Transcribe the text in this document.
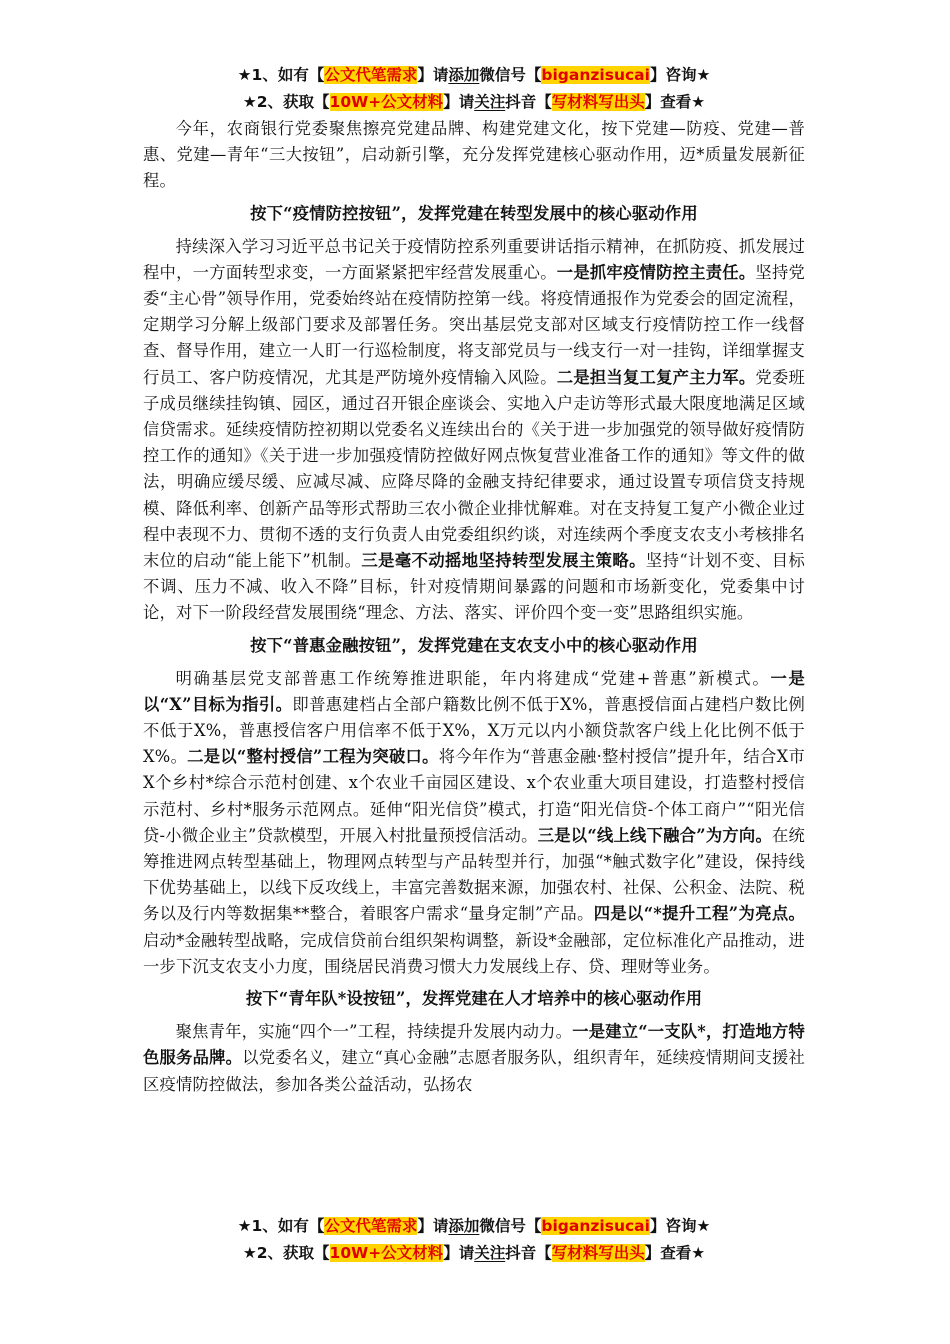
★1、如有【公文代笔需求】请添加微信号【biganzisucai】咨询★
★2、获取【10W+公文材料】请关注抖音【写材料写出头】查看★

今年，农商银行党委聚焦擦亮党建品牌、构建党建文化，按下党建—防疫、党建—普惠、党建—青年“三大按钮”，启动新引擎，充分发挥党建核心驱动作用，迈*质量发展新征程。

按下“疫情防控按钮”，发挥党建在转型发展中的核心驱动作用

持续深入学习习近平总书记关于疫情防控系列重要讲话指示精神，在抓防疫、抓发展过程中，一方面转型求变，一方面紧紧把牢经营发展重心。一是抓牢疫情防控主责任。坚持党委“主心骨”领导作用，党委始终站在疫情防控第一线。将疫情通报作为党委会的固定流程，定期学习分解上级部门要求及部署任务。突出基层党支部对区域支行疫情防控工作一线督查、督导作用，建立一人盯一行巡检制度，将支部党员与一线支行一对一挂钩，详细掌握支行员工、客户防疫情况，尤其是严防境外疫情输入风险。二是担当复工复产主力军。党委班子成员继续挂钩镇、园区，通过召开银企座谈会、实地入户走访等形式最大限度地满足区域信贷需求。延续疫情防控初期以党委名义连续出台的《关于进一步加强党的领导做好疫情防控工作的通知》《关于进一步加强疫情防控做好网点恢复营业准备工作的通知》等文件的做法，明确应缓尽缓、应减尽减、应降尽降的金融支持纪律要求，通过设置专项信贷支持规模、降低利率、创新产品等形式帮助三农小微企业排忧解难。对在支持复工复产小微企业过程中表现不力、贯彻不透的支行负责人由党委组织约谈，对连续两个季度支农支小考核排名末位的启动“能上能下”机制。三是毫不动摇地坚持转型发展主策略。坚持“计划不变、目标不调、压力不减、收入不降”目标，针对疫情期间暴露的问题和市场新变化，党委集中讨论，对下一阶段经营发展围绕“理念、方法、落实、评价四个变一变”思路组织实施。

按下“普惠金融按钮”，发挥党建在支农支小中的核心驱动作用

明确基层党支部普惠工作统筹推进职能，年内将建成“党建+普惠”新模式。一是以“X”目标为指引。即普惠建档占全部户籍数比例不低于X%，普惠授信面占建档户数比例不低于X%，普惠授信客户用信率不低于X%，X万元以内小额贷款客户线上化比例不低于X%。二是以“整村授信”工程为突破口。将今年作为“普惠金融·整村授信”提升年，结合X市X个乡村*综合示范村创建、x个农业千亩园区建设、x个农业重大项目建设，打造整村授信示范村、乡村*服务示范网点。延伸“阳光信贷”模式，打造“阳光信贷-个体工商户”“阳光信贷-小微企业主”贷款模型，开展入村批量预授信活动。三是以“线上线下融合”为方向。在统筹推进网点转型基础上，物理网点转型与产品转型并行，加强“*触式数字化”建设，保持线下优势基础上，以线下反攻线上，丰富完善数据来源，加强农村、社保、公积金、法院、税务以及行内等数据集**整合，着眼客户需求“量身定制”产品。四是以“*提升工程”为亮点。启动*金融转型战略，完成信贷前台组织架构调整，新设*金融部，定位标准化产品推动，进一步下沉支农支小力度，围绕居民消费习惯大力发展线上存、贷、理财等业务。

按下“青年队*设按钮”，发挥党建在人才培养中的核心驱动作用

聚焦青年，实施“四个一”工程，持续提升发展内动力。一是建立“一支队*，打造地方特色服务品牌。以党委名义，建立“真心金融”志愿者服务队，组织青年，延续疫情期间支援社区疫情防控做法，参加各类公益活动，弘扬农

★1、如有【公文代笔需求】请添加微信号【biganzisucai】咨询★
★2、获取【10W+公文材料】请关注抖音【写材料写出头】查看★
